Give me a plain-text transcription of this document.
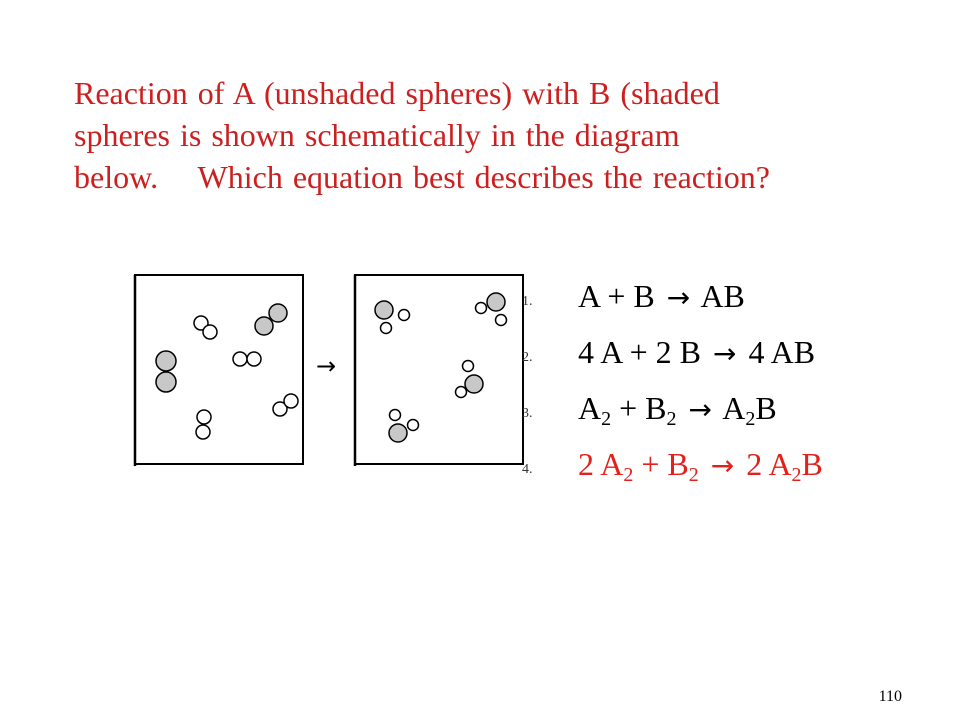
Reaction of A (unshaded spheres) with B (shaded
spheres is shown schematically in the diagram
below.    Which equation best describes the reaction?
→
1.	A + B → AB
2.	4 A + 2 B → 4 AB
3.	$A_2 + B_2 \to A_2B$
4.	2 $A_2 + B_2 \to 2$ $A_2B$
110
